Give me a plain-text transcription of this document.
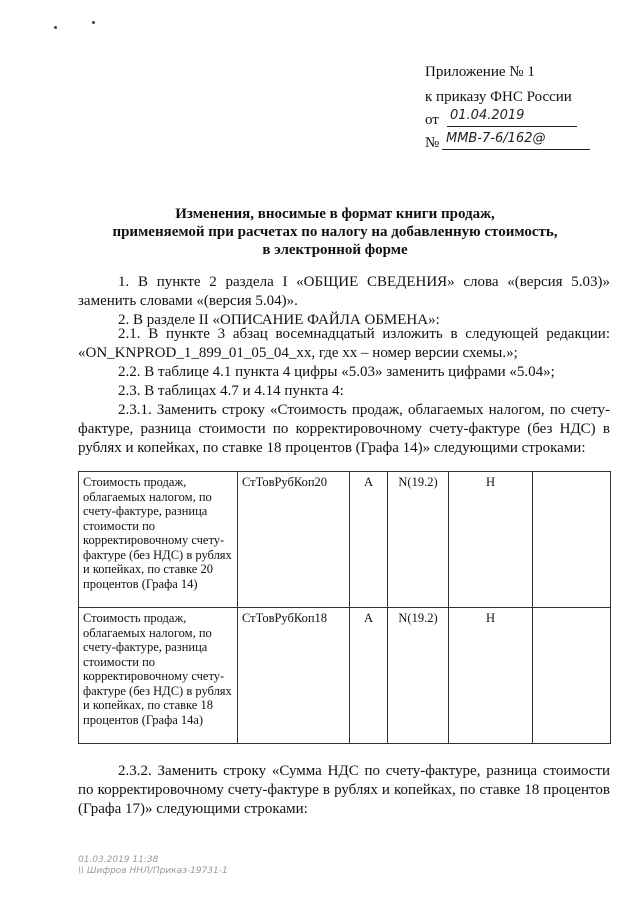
Приложение № 1
к приказу ФНС России
от 01.04.2019
№ ММВ-7-6/162@
Изменения, вносимые в формат книги продаж,
применяемой при расчетах по налогу на добавленную стоимость,
в электронной форме
1. В пункте 2 раздела I «ОБЩИЕ СВЕДЕНИЯ» слова «(версия 5.03)» заменить словами «(версия 5.04)».
2. В разделе II «ОПИСАНИЕ ФАЙЛА ОБМЕНА»:
2.1. В пункте 3 абзац восемнадцатый изложить в следующей редакции: «ON_KNPROD_1_899_01_05_04_xx, где xx – номер версии схемы.»;
2.2. В таблице 4.1 пункта 4 цифры «5.03» заменить цифрами «5.04»;
2.3. В таблицах 4.7 и 4.14 пункта 4:
2.3.1. Заменить строку «Стоимость продаж, облагаемых налогом, по счету-фактуре, разница стоимости по корректировочному счету-фактуре (без НДС) в рублях и копейках, по ставке 18 процентов (Графа 14)» следующими строками:
Стоимость продаж, облагаемых налогом, по счету-фактуре, разница стоимости по корректировочному счету-фактуре (без НДС) в рублях и копейках, по ставке 20 процентов (Графа 14)	СтТовРубКоп20	А	N(19.2)	Н	
Стоимость продаж, облагаемых налогом, по счету-фактуре, разница стоимости по корректировочному счету-фактуре (без НДС) в рублях и копейках, по ставке 18 процентов (Графа 14а)	СтТовРубКоп18	А	N(19.2)	Н	
2.3.2. Заменить строку «Сумма НДС по счету-фактуре, разница стоимости по корректировочному счету-фактуре в рублях и копейках, по ставке 18 процентов (Графа 17)» следующими строками:
01.03.2019 11:38
\\ Шифров ННЛ/Приказ-19731-1
